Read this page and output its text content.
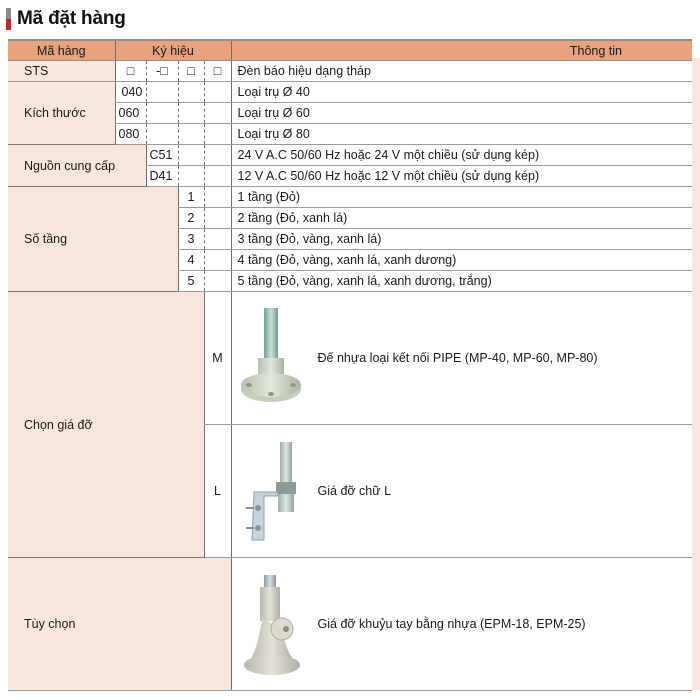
Mã đặt hàng
Mã hàng	Ký hiệu				Thông tin
STS	□	-□	□	□	Đèn báo hiệu dạng tháp
Kích thước	040				Loại trụ Ø 40
	060				Loại trụ Ø 60
	080				Loại trụ Ø 80
Nguồn cung cấp		C51			24 V A.C 50/60 Hz hoặc 24 V một chiều (sử dụng kép)
		D41			12 V A.C 50/60 Hz hoặc 12 V một chiều (sử dụng kép)
Số tầng			1		1 tầng (Đỏ)
			2		2 tầng (Đỏ, xanh lá)
			3		3 tầng (Đỏ, vàng, xanh lá)
			4		4 tầng (Đỏ, vàng, xanh lá, xanh dương)
			5		5 tầng (Đỏ, vàng, xanh lá, xanh dương, trắng)
Chọn giá đỡ				M	Đế nhựa loại kết nối PIPE (MP-40, MP-60, MP-80)

				L	Giá đỡ chữ L

Tùy chọn					Giá đỡ khuỷu tay bằng nhựa (EPM-18, EPM-25)
